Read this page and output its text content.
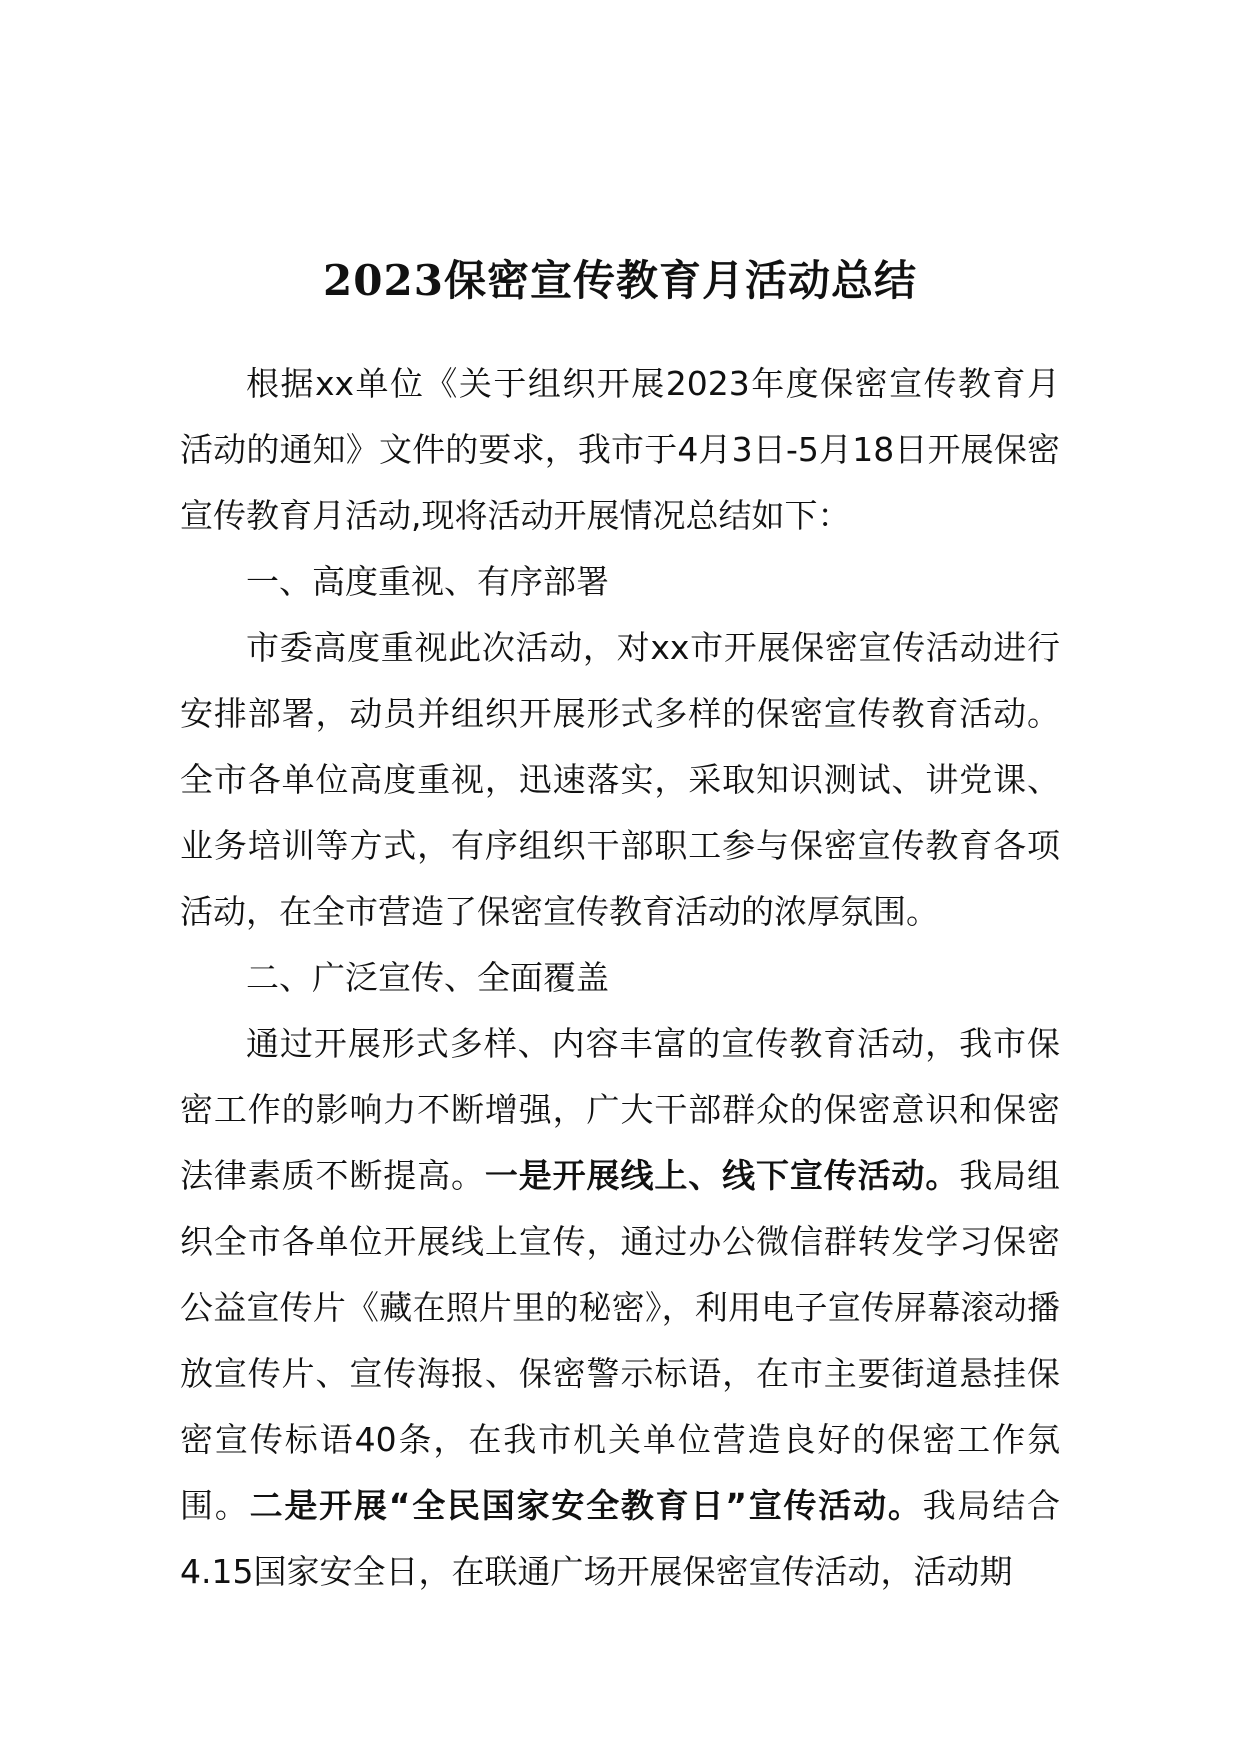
2023保密宣传教育月活动总结

根据xx单位《关于组织开展2023年度保密宣传教育月活动的通知》文件的要求，我市于4月3日-5月18日开展保密宣传教育月活动,现将活动开展情况总结如下：

一、高度重视、有序部署

市委高度重视此次活动，对xx市开展保密宣传活动进行安排部署，动员并组织开展形式多样的保密宣传教育活动。全市各单位高度重视，迅速落实，采取知识测试、讲党课、业务培训等方式，有序组织干部职工参与保密宣传教育各项活动，在全市营造了保密宣传教育活动的浓厚氛围。

二、广泛宣传、全面覆盖

通过开展形式多样、内容丰富的宣传教育活动，我市保密工作的影响力不断增强，广大干部群众的保密意识和保密法律素质不断提高。一是开展线上、线下宣传活动。我局组织全市各单位开展线上宣传，通过办公微信群转发学习保密公益宣传片《藏在照片里的秘密》，利用电子宣传屏幕滚动播放宣传片、宣传海报、保密警示标语，在市主要街道悬挂保密宣传标语40条，在我市机关单位营造良好的保密工作氛围。二是开展“全民国家安全教育日”宣传活动。我局结合4.15国家安全日，在联通广场开展保密宣传活动，活动期
